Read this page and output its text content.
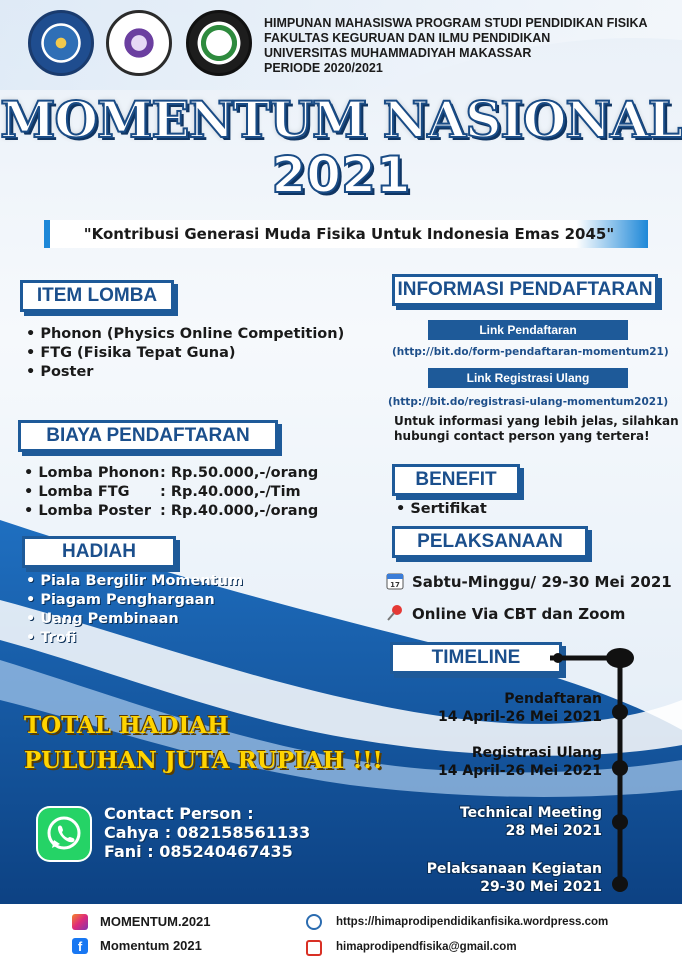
HIMPUNAN MAHASISWA PROGRAM STUDI PENDIDIKAN FISIKA
FAKULTAS KEGURUAN DAN ILMU PENDIDIKAN
UNIVERSITAS MUHAMMADIYAH MAKASSAR
PERIODE 2020/2021
MOMENTUM NASIONAL
2021
"Kontribusi Generasi Muda Fisika Untuk Indonesia Emas 2045"
ITEM LOMBA
• Phonon (Physics Online Competition)
• FTG (Fisika Tepat Guna)
• Poster
BIAYA PENDAFTARAN
• Lomba Phonon : Rp.50.000,-/orang
• Lomba FTG	: Rp.40.000,-/Tim
• Lomba Poster : Rp.40.000,-/orang
HADIAH
• Piala Bergilir Momentum
• Piagam Penghargaan
• Uang Pembinaan
• Trofi
TOTAL HADIAH
PULUHAN JUTA RUPIAH !!!
Contact Person :
Cahya : 082158561133
Fani : 085240467435
INFORMASI PENDAFTARAN
Link Pendaftaran
(http://bit.do/form-pendaftaran-momentum21)
Link Registrasi Ulang
(http://bit.do/registrasi-ulang-momentum2021)
Untuk informasi yang lebih jelas, silahkan
hubungi contact person yang tertera!
BENEFIT
• Sertifikat
PELAKSANAAN
17 Sabtu-Minggu/ 29-30 Mei 2021
Online Via CBT dan Zoom
TIMELINE
Pendaftaran
14 April-26 Mei 2021
Registrasi Ulang
14 April-26 Mei 2021
Technical Meeting
28 Mei 2021
Pelaksanaan Kegiatan
29-30 Mei 2021
MOMENTUM.2021
f	Momentum 2021
https://himaprodipendidikanfisika.wordpress.com
himaprodipendfisika@gmail.com
